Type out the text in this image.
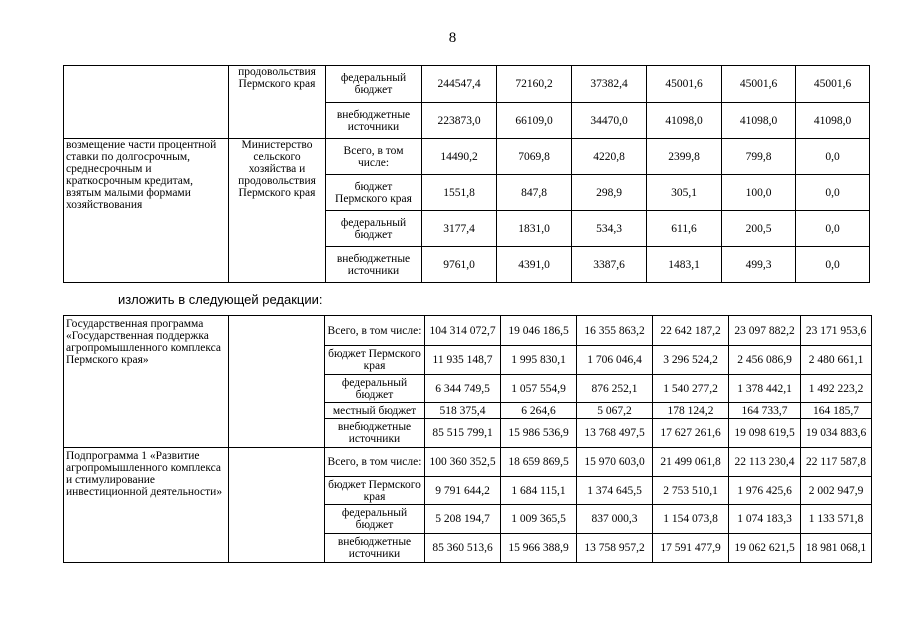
8
	продовольствия Пермского края	федеральный бюджет	244547,4	72160,2	37382,4	45001,6	45001,6	45001,6
		внебюджетные источники	223873,0	66109,0	34470,0	41098,0	41098,0	41098,0
возмещение части процентной ставки по долгосрочным, среднесрочным и краткосрочным кредитам, взятым малыми формами хозяйствования	Министерство сельского хозяйства и продовольствия Пермского края	Всего, в том числе:	14490,2	7069,8	4220,8	2399,8	799,8	0,0
		бюджет Пермского края	1551,8	847,8	298,9	305,1	100,0	0,0
		федеральный бюджет	3177,4	1831,0	534,3	611,6	200,5	0,0
		внебюджетные источники	9761,0	4391,0	3387,6	1483,1	499,3	0,0
изложить в следующей редакции:
Государственная программа «Государственная поддержка агропромышленного комплекса Пермского края»		Всего, в том числе:	104 314 072,7	19 046 186,5	16 355 863,2	22 642 187,2	23 097 882,2	23 171 953,6
		бюджет Пермского края	11 935 148,7	1 995 830,1	1 706 046,4	3 296 524,2	2 456 086,9	2 480 661,1
		федеральный бюджет	6 344 749,5	1 057 554,9	876 252,1	1 540 277,2	1 378 442,1	1 492 223,2
		местный бюджет	518 375,4	6 264,6	5 067,2	178 124,2	164 733,7	164 185,7
		внебюджетные источники	85 515 799,1	15 986 536,9	13 768 497,5	17 627 261,6	19 098 619,5	19 034 883,6
Подпрограмма 1 «Развитие агропромышленного комплекса и стимулирование инвестиционной деятельности»		Всего, в том числе:	100 360 352,5	18 659 869,5	15 970 603,0	21 499 061,8	22 113 230,4	22 117 587,8
		бюджет Пермского края	9 791 644,2	1 684 115,1	1 374 645,5	2 753 510,1	1 976 425,6	2 002 947,9
		федеральный бюджет	5 208 194,7	1 009 365,5	837 000,3	1 154 073,8	1 074 183,3	1 133 571,8
		внебюджетные источники	85 360 513,6	15 966 388,9	13 758 957,2	17 591 477,9	19 062 621,5	18 981 068,1
